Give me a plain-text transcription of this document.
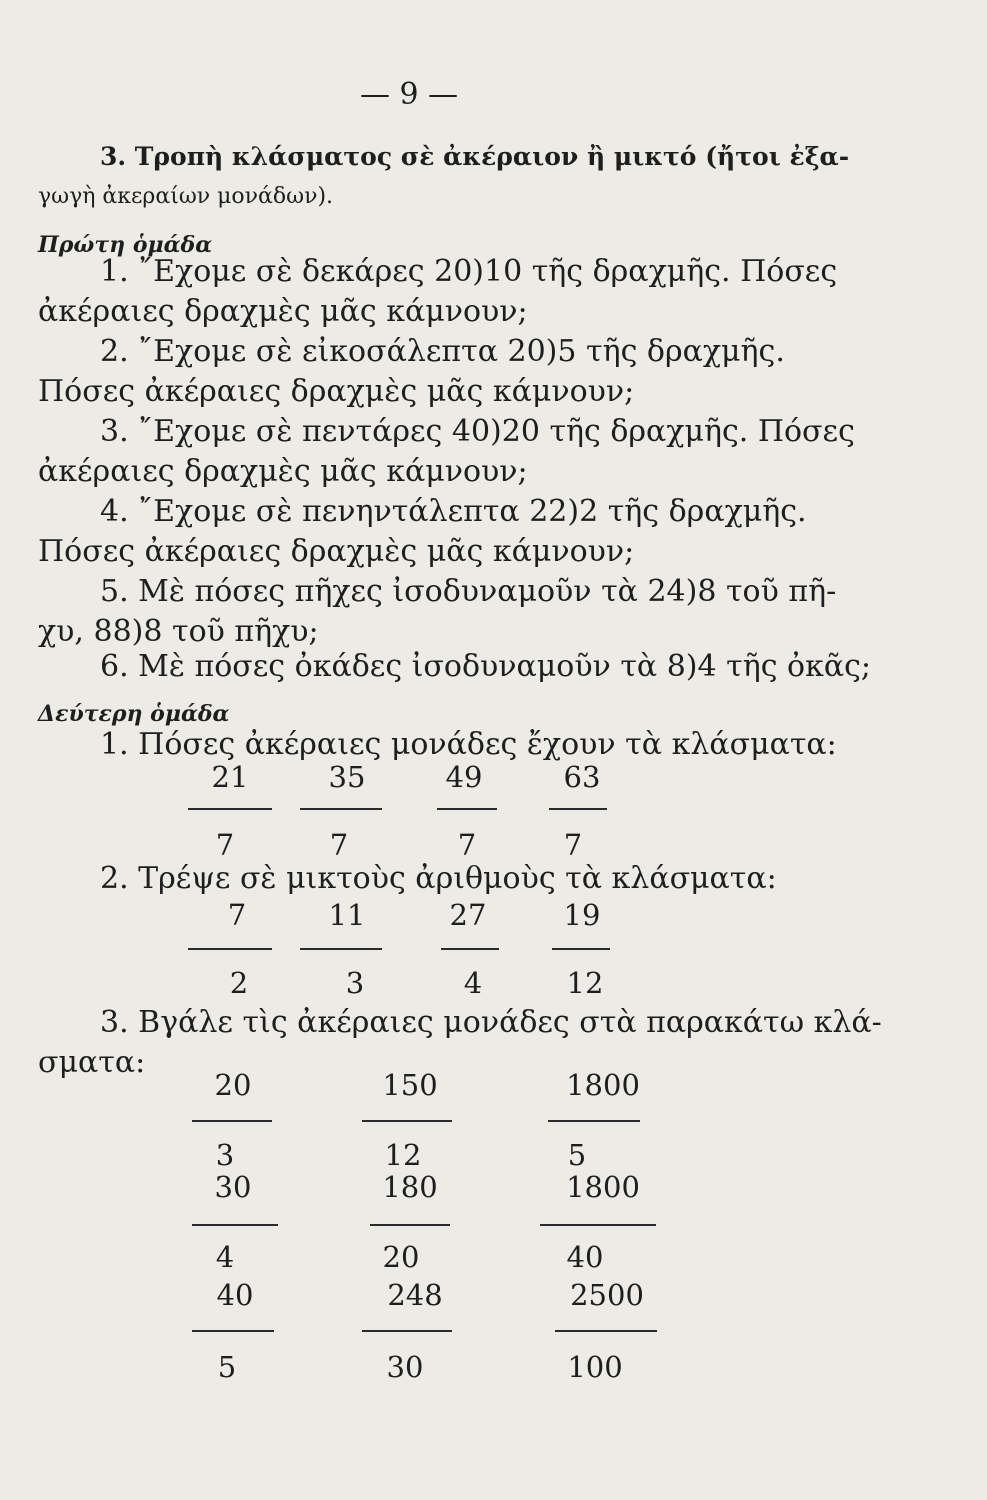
— 9 —
3. Τροπὴ κλάσματος σὲ ἀκέραιον ἢ μικτό (ἤτοι ἐξα-
γωγὴ ἀκεραίων μονάδων).
Πρώτη ὁμάδα
1. ῎Εχομε σὲ δεκάρες 20)10 τῆς δραχμῆς. Πόσες
ἀκέραιες δραχμὲς μᾶς κάμνουν;
2. ῎Εχομε σὲ εἰκοσάλεπτα 20)5 τῆς δραχμῆς.
Πόσες ἀκέραιες δραχμὲς μᾶς κάμνουν;
3. ῎Εχομε σὲ πεντάρες 40)20 τῆς δραχμῆς. Πόσες
ἀκέραιες δραχμὲς μᾶς κάμνουν;
4. ῎Εχομε σὲ πενηντάλεπτα 22)2 τῆς δραχμῆς.
Πόσες ἀκέραιες δραχμὲς μᾶς κάμνουν;
5. Μὲ πόσες πῆχες ἰσοδυναμοῦν τὰ 24)8 τοῦ πῆ-
χυ, 88)8 τοῦ πῆχυ;
6. Μὲ πόσες ὀκάδες ἰσοδυναμοῦν τὰ 8)4 τῆς ὀκᾶς;
Δεύτερη ὁμάδα
1. Πόσες ἀκέραιες μονάδες ἔχουν τὰ κλάσματα:
21
7
35
7
49
7
63
7
2. Τρέψε σὲ μικτοὺς ἀριθμοὺς τὰ κλάσματα:
7
2
11
3
27
4
19
12
3. Βγάλε τὶς ἀκέραιες μονάδες στὰ παρακάτω κλά-
σματα:
20
3
150
12
1800
5
30
4
180
20
1800
40
40
5
248
30
2500
100
